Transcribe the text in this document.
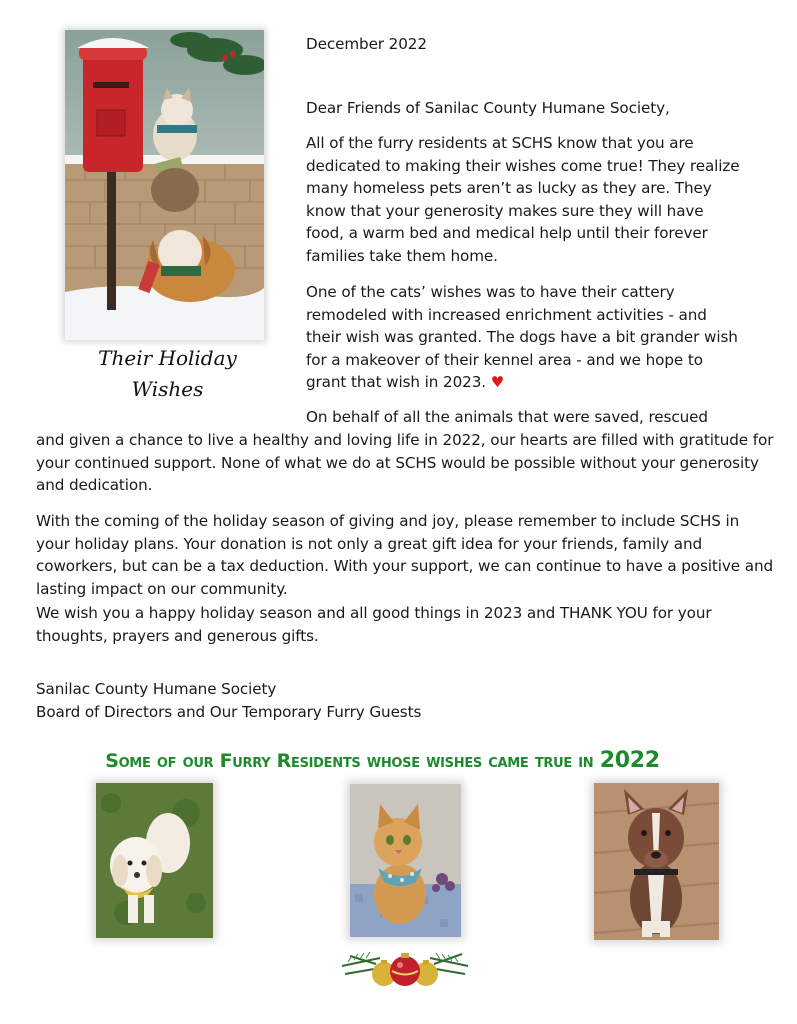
Their Holiday
Wishes

December 2022

Dear Friends of Sanilac County Humane Society,

All of the furry residents at SCHS know that you are dedicated to making their wishes come true! They realize many homeless pets aren’t as lucky as they are. They know that your generosity makes sure they will have food, a warm bed and medical help until their forever families take them home.

One of the cats’ wishes was to have their cattery remodeled with increased enrichment activities - and their wish was granted. The dogs have a bit grander wish for a makeover of their kennel area - and we hope to grant that wish in 2023. ♥

On behalf of all the animals that were saved, rescued

and given a chance to live a healthy and loving life in 2022, our hearts are filled with gratitude for your continued support. None of what we do at SCHS would be possible without your generosity and dedication.

With the coming of the holiday season of giving and joy, please remember to include SCHS in your holiday plans. Your donation is not only a great gift idea for your friends, family and coworkers, but can be a tax deduction. With your support, we can continue to have a positive and lasting impact on our community.

We wish you a happy holiday season and all good things in 2023 and THANK YOU for your thoughts, prayers and generous gifts.

Sanilac County Humane Society

Board of Directors and Our Temporary Furry Guests

Some of our Furry Residents whose wishes came true in 2022
